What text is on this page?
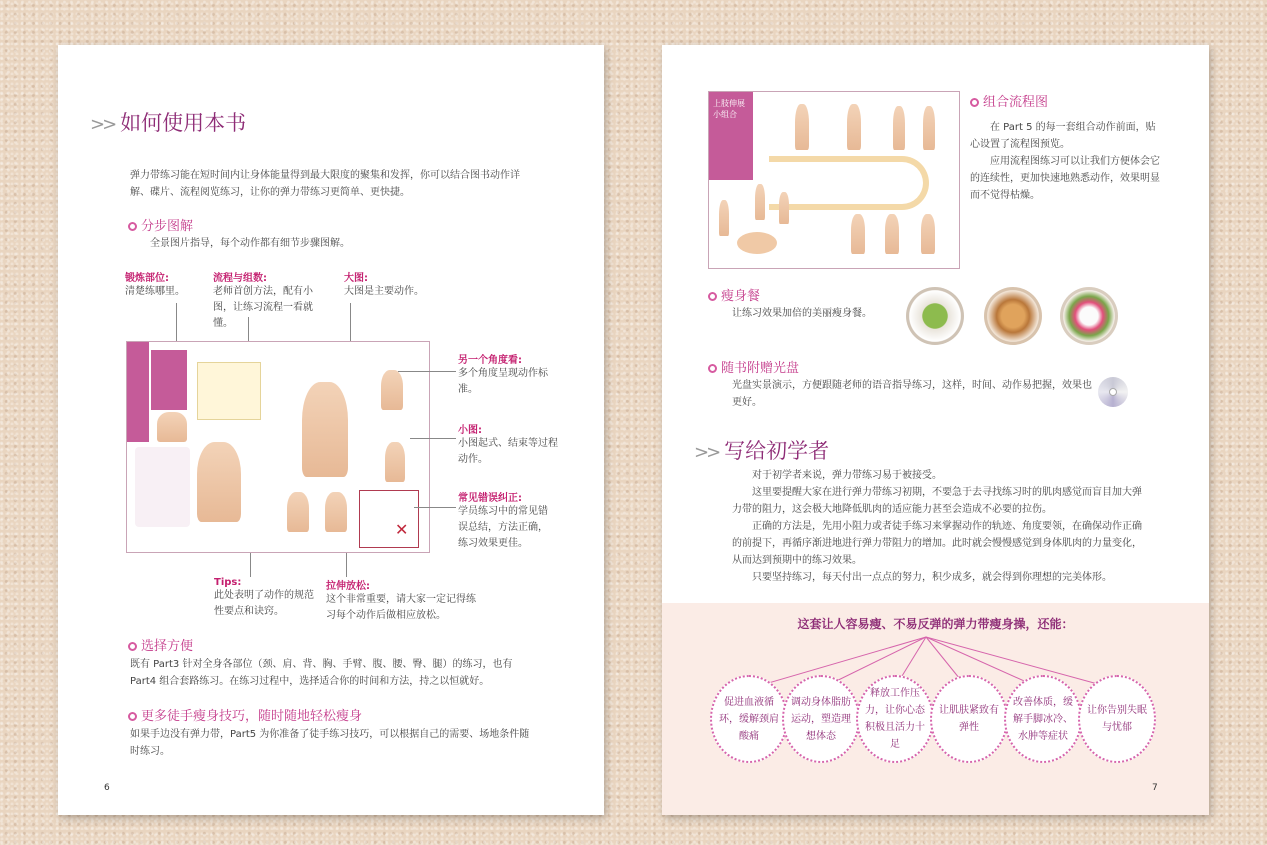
>> 如何使用本书
弹力带练习能在短时间内让身体能量得到最大限度的聚集和发挥，你可以结合图书动作详解、碟片、流程阅览练习，让你的弹力带练习更简单、更快捷。
分步图解
全景图片指导，每个动作都有细节步骤图解。
锻炼部位:
清楚练哪里。
流程与组数:
老师首创方法，配有小图，让练习流程一看就懂。
大图:
大图是主要动作。
✕
另一个角度看:
多个角度呈现动作标准。
小图:
小图起式、结束等过程动作。
常见错误纠正:
学员练习中的常见错误总结，方法正确，练习效果更佳。
Tips:
此处表明了动作的规范性要点和诀窍。
拉伸放松:
这个非常重要，请大家一定记得练习每个动作后做相应放松。
选择方便
既有 Part3 针对全身各部位（颈、肩、背、胸、手臂、腹、腰、臀、腿）的练习，也有 Part4 组合套路练习。在练习过程中，选择适合你的时间和方法，持之以恒就好。
更多徒手瘦身技巧，随时随地轻松瘦身
如果手边没有弹力带，Part5 为你准备了徒手练习技巧，可以根据自己的需要、场地条件随时练习。
6
上肢伸展小组合
组合流程图
在 Part 5 的每一套组合动作前面，贴心设置了流程图预览。
应用流程图练习可以让我们方便体会它的连续性，更加快速地熟悉动作，效果明显而不觉得枯燥。
瘦身餐
让练习效果加倍的美丽瘦身餐。
随书附赠光盘
光盘实景演示，方便跟随老师的语音指导练习，这样，时间、动作易把握，效果也更好。
>> 写给初学者
对于初学者来说，弹力带练习易于被接受。
这里要提醒大家在进行弹力带练习初期，不要急于去寻找练习时的肌肉感觉而盲目加大弹力带的阻力，这会极大地降低肌肉的适应能力甚至会造成不必要的拉伤。
正确的方法是，先用小阻力或者徒手练习来掌握动作的轨迹、角度要领，在确保动作正确的前提下，再循序渐进地进行弹力带阻力的增加。此时就会慢慢感觉到身体肌肉的力量变化，从而达到预期中的练习效果。
只要坚持练习，每天付出一点点的努力，积少成多，就会得到你理想的完美体形。
这套让人容易瘦、不易反弹的弹力带瘦身操，还能：
促进血液循环，缓解颈肩酸痛
调动身体脂肪运动，塑造理想体态
释放工作压力，让你心态积极且活力十足
让肌肤紧致有弹性
改善体质，缓解手脚冰冷、水肿等症状
让你告别失眠与忧郁
7
